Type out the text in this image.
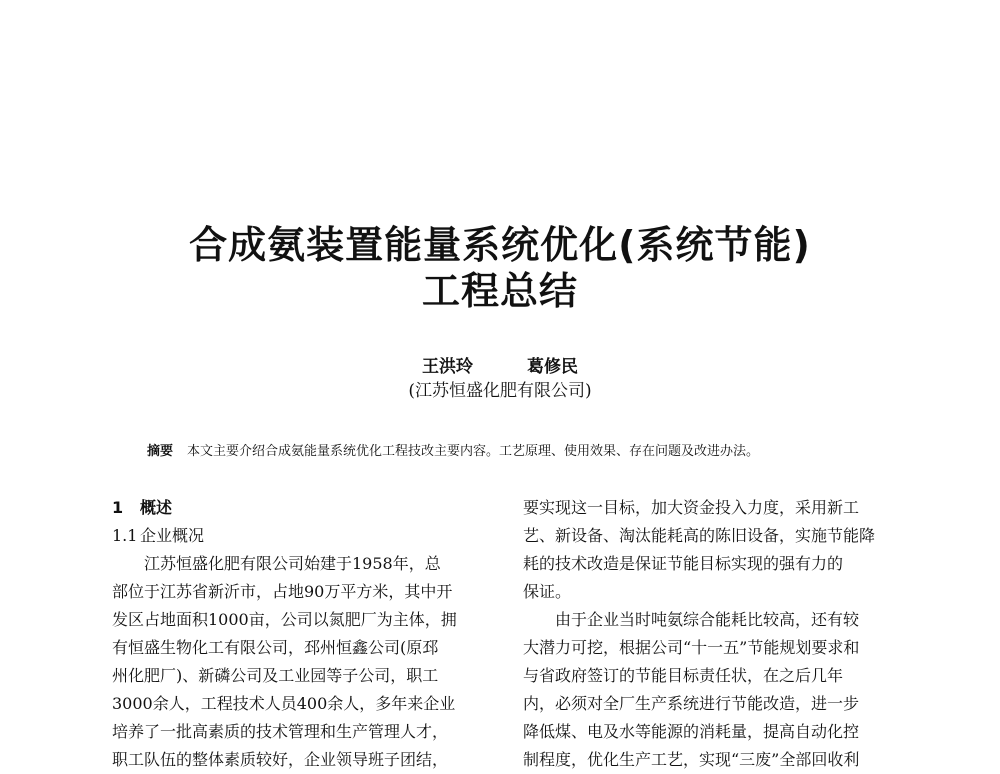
合成氨装置能量系统优化(系统节能)
工程总结
王洪玲	葛修民
(江苏恒盛化肥有限公司)
摘要 本文主要介绍合成氨能量系统优化工程技改主要内容。工艺原理、使用效果、存在问题及改进办法。

1 概述

1.1 企业概况

江苏恒盛化肥有限公司始建于1958年，总

部位于江苏省新沂市，占地90万平方米，其中开

发区占地面积1000亩，公司以氮肥厂为主体，拥

有恒盛生物化工有限公司，邳州恒鑫公司(原邳

州化肥厂)、新磷公司及工业园等子公司，职工

3000余人，工程技术人员400余人，多年来企业

培养了一批高素质的技术管理和生产管理人才，

职工队伍的整体素质较好，企业领导班子团结，

要实现这一目标，加大资金投入力度，采用新工

艺、新设备、淘汰能耗高的陈旧设备，实施节能降

耗的技术改造是保证节能目标实现的强有力的

保证。

由于企业当时吨氨综合能耗比较高，还有较

大潜力可挖，根据公司“十一五”节能规划要求和

与省政府签订的节能目标责任状，在之后几年

内，必须对全厂生产系统进行节能改造，进一步

降低煤、电及水等能源的消耗量，提高自动化控

制程度，优化生产工艺，实现“三废”全部回收利
